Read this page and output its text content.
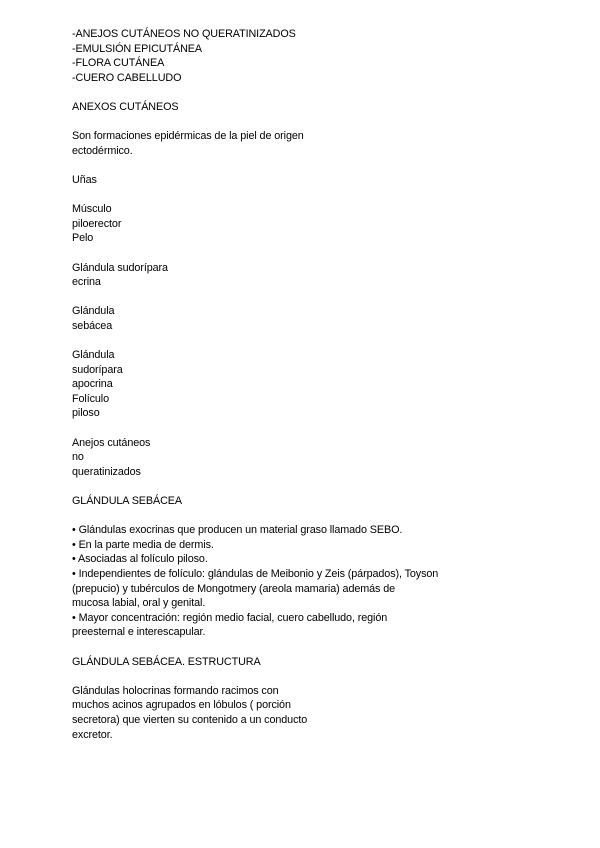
-ANEJOS CUTÁNEOS NO QUERATINIZADOS
-EMULSIÓN EPICUTÁNEA
-FLORA CUTÁNEA
-CUERO CABELLUDO
ANEXOS CUTÁNEOS
Son formaciones epidérmicas de la piel de origen
ectodérmico.
Uñas
Músculo
piloerector
Pelo
Glándula sudorípara
ecrina
Glándula
sebácea
Glándula
sudorípara
apocrina
Folículo
piloso
Anejos cutáneos
no
queratinizados
GLÁNDULA SEBÁCEA
• Glándulas exocrinas que producen un material graso llamado SEBO.
• En la parte media de dermis.
• Asociadas al folículo piloso.
• Independientes de folículo: glándulas de Meibonio y Zeis (párpados), Toyson
(prepucio) y tubérculos de Mongotmery (areola mamaria) además de
mucosa labial, oral y genital.
• Mayor concentración: región medio facial, cuero cabelludo, región
preesternal e interescapular.
GLÁNDULA SEBÁCEA. ESTRUCTURA
Glándulas holocrinas formando racimos con
muchos acinos agrupados en lóbulos ( porción
secretora) que vierten su contenido a un conducto
excretor.
